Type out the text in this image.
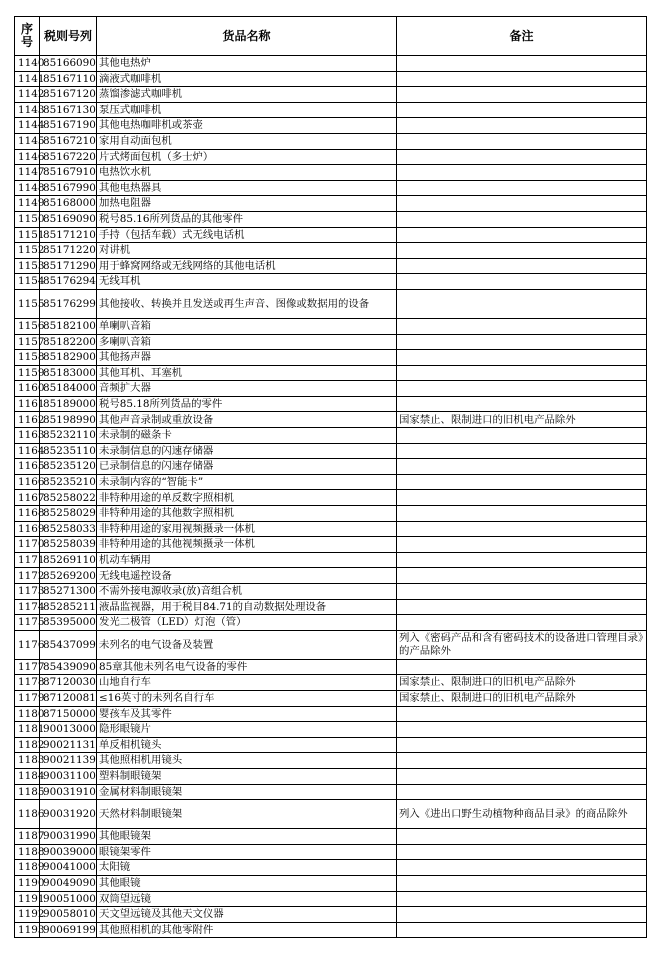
序号	税则号列	货品名称	备注
1140	85166090	其他电热炉	
1141	85167110	滴液式咖啡机	
1142	85167120	蒸馏渗滤式咖啡机	
1143	85167130	泵压式咖啡机	
1144	85167190	其他电热咖啡机或茶壶	
1145	85167210	家用自动面包机	
1146	85167220	片式烤面包机（多士炉）	
1147	85167910	电热饮水机	
1148	85167990	其他电热器具	
1149	85168000	加热电阻器	
1150	85169090	税号85.16所列货品的其他零件	
1151	85171210	手持（包括车载）式无线电话机	
1152	85171220	对讲机	
1153	85171290	用于蜂窝网络或无线网络的其他电话机	
1154	85176294	无线耳机	
1155	85176299	其他接收、转换并且发送或再生声音、图像或数据用的设备	
1156	85182100	单喇叭音箱	
1157	85182200	多喇叭音箱	
1158	85182900	其他扬声器	
1159	85183000	其他耳机、耳塞机	
1160	85184000	音频扩大器	
1161	85189000	税号85.18所列货品的零件	
1162	85198990	其他声音录制或重放设备	国家禁止、限制进口的旧机电产品除外
1163	85232110	未录制的磁条卡	
1164	85235110	未录制信息的闪速存储器	
1165	85235120	已录制信息的闪速存储器	
1166	85235210	未录制内容的“智能卡”	
1167	85258022	非特种用途的单反数字照相机	
1168	85258029	非特种用途的其他数字照相机	
1169	85258033	非特种用途的家用视频摄录一体机	
1170	85258039	非特种用途的其他视频摄录一体机	
1171	85269110	机动车辆用	
1172	85269200	无线电遥控设备	
1173	85271300	不需外接电源收录(放)音组合机	
1174	85285211	液晶监视器，用于税目84.71的自动数据处理设备	
1175	85395000	发光二极管（LED）灯泡（管）	
1176	85437099	未列名的电气设备及装置	列入《密码产品和含有密码技术的设备进口管理目录》的产品除外
1177	85439090	85章其他未列名电气设备的零件	
1178	87120030	山地自行车	国家禁止、限制进口的旧机电产品除外
1179	87120081	≤16英寸的未列名自行车	国家禁止、限制进口的旧机电产品除外
1180	87150000	婴孩车及其零件	
1181	90013000	隐形眼镜片	
1182	90021131	单反相机镜头	
1183	90021139	其他照相机用镜头	
1184	90031100	塑料制眼镜架	
1185	90031910	金属材料制眼镜架	
1186	90031920	天然材料制眼镜架	列入《进出口野生动植物种商品目录》的商品除外
1187	90031990	其他眼镜架	
1188	90039000	眼镜架零件	
1189	90041000	太阳镜	
1190	90049090	其他眼镜	
1191	90051000	双筒望远镜	
1192	90058010	天文望远镜及其他天文仪器	
1193	90069199	其他照相机的其他零附件	
